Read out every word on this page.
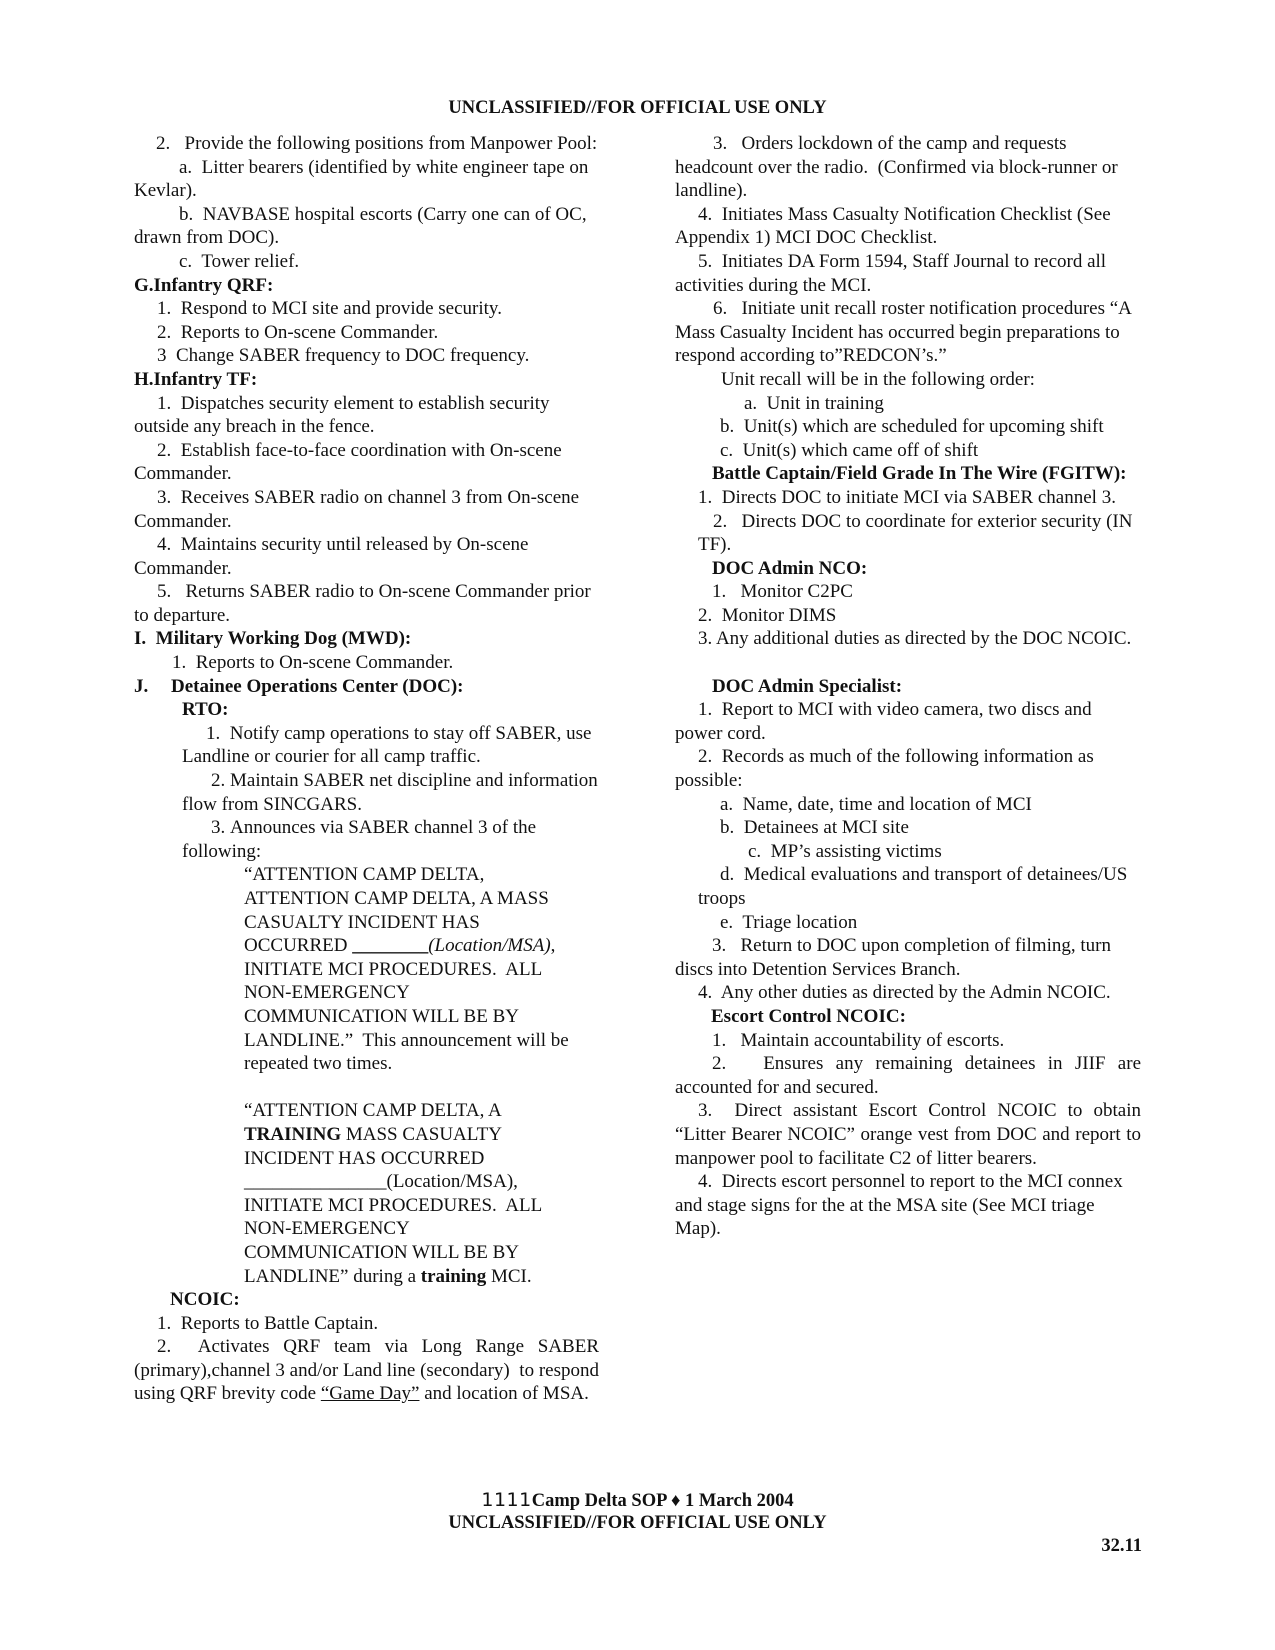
UNCLASSIFIED//FOR OFFICIAL USE ONLY

2.   Provide the following positions from Manpower Pool:

a.  Litter bearers (identified by white engineer tape on Kevlar).

b.  NAVBASE hospital escorts (Carry one can of OC, drawn from DOC).

c.  Tower relief.

G.Infantry QRF:

1.  Respond to MCI site and provide security.

2.  Reports to On-scene Commander.

3  Change SABER frequency to DOC frequency.

H.Infantry TF:

1.  Dispatches security element to establish security outside any breach in the fence.

2.  Establish face-to-face coordination with On-scene Commander.

3.  Receives SABER radio on channel 3 from On-scene Commander.

4.  Maintains security until released by On-scene Commander.

5.   Returns SABER radio to On-scene Commander prior to departure.

I.  Military Working Dog (MWD):

1.  Reports to On-scene Commander.

J. Detainee Operations Center (DOC):

RTO:

1.  Notify camp operations to stay off SABER, use Landline or courier for all camp traffic.

2. Maintain SABER net discipline and information flow from SINCGARS.

3. Announces via SABER channel 3 of the following:

“ATTENTION CAMP DELTA, ATTENTION CAMP DELTA, A MASS CASUALTY INCIDENT HAS OCCURRED ________(Location/MSA), INITIATE MCI PROCEDURES.  ALL NON-EMERGENCY COMMUNICATION WILL BE BY LANDLINE.”  This announcement will be repeated two times.

“ATTENTION CAMP DELTA, A TRAINING MASS CASUALTY INCIDENT HAS OCCURRED _______________(Location/MSA), INITIATE MCI PROCEDURES.  ALL NON-EMERGENCY COMMUNICATION WILL BE BY LANDLINE” during a training MCI.

NCOIC:

1.  Reports to Battle Captain.

2.  Activates QRF team via Long Range SABER (primary),channel 3 and/or Land line (secondary)  to respond using QRF brevity code “Game Day” and location of MSA.

3.   Orders lockdown of the camp and requests headcount over the radio.  (Confirmed via block-runner or landline).

4.  Initiates Mass Casualty Notification Checklist (See Appendix 1) MCI DOC Checklist.

5.  Initiates DA Form 1594, Staff Journal to record all activities during the MCI.

6.   Initiate unit recall roster notification procedures “A Mass Casualty Incident has occurred begin preparations to respond according to”REDCON’s.”

Unit recall will be in the following order:

a.  Unit in training

b.  Unit(s) which are scheduled for upcoming shift

c.  Unit(s) which came off of shift

Battle Captain/Field Grade In The Wire (FGITW):

1.  Directs DOC to initiate MCI via SABER channel 3.

2.   Directs DOC to coordinate for exterior security (IN TF).

DOC Admin NCO:

1.   Monitor C2PC

2.  Monitor DIMS

3. Any additional duties as directed by the DOC NCOIC.

DOC Admin Specialist:

1.  Report to MCI with video camera, two discs and power cord.

2.  Records as much of the following information as possible:

a.  Name, date, time and location of MCI

b.  Detainees at MCI site

c.  MP’s assisting victims

d.  Medical evaluations and transport of detainees/US troops

e.  Triage location

3.   Return to DOC upon completion of filming, turn discs into Detention Services Branch.

4.  Any other duties as directed by the Admin NCOIC.

Escort Control NCOIC:

1.   Maintain accountability of escorts.

2.   Ensures any remaining detainees in JIIF are accounted for and secured.

3.  Direct assistant Escort Control NCOIC to obtain “Litter Bearer NCOIC” orange vest from DOC and report to manpower pool to facilitate C2 of litter bearers.

4.  Directs escort personnel to report to the MCI connex and stage signs for the at the MSA site (See MCI triage Map).

1111Camp Delta SOP ♦ 1 March 2004
UNCLASSIFIED//FOR OFFICIAL USE ONLY
32.11
